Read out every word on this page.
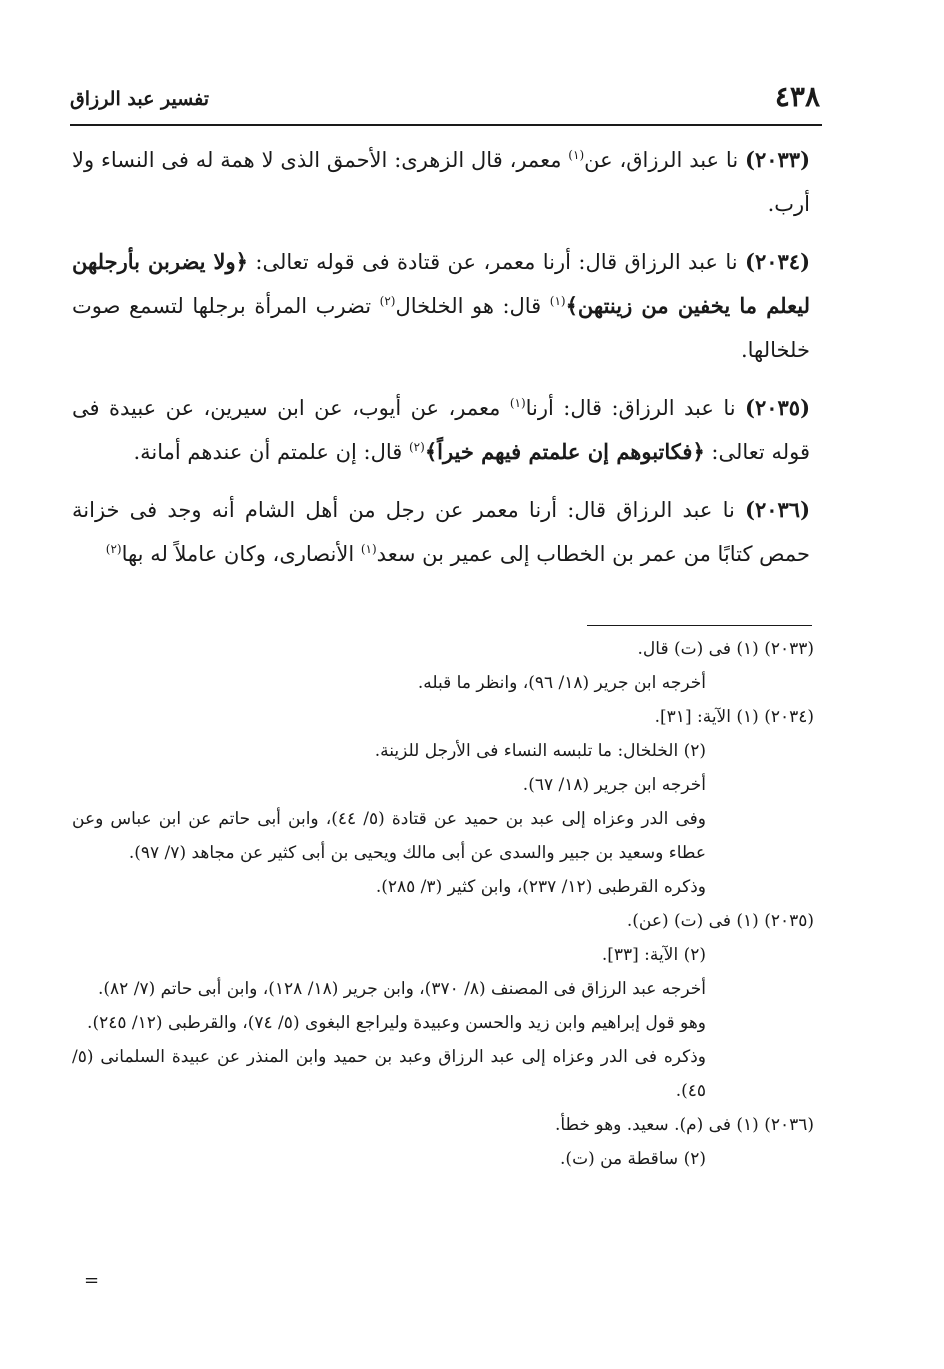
٤٣٨
تفسير عبد الرزاق

(٢٠٣٣) نا عبد الرزاق، عن$^{(١)}$ معمر، قال الزهرى: الأحمق الذى لا همة له فى النساء ولا أرب.

(٢٠٣٤) نا عبد الرزاق قال: أرنا معمر، عن قتادة فى قوله تعالى: ﴿ولا يضربن بأرجلهن ليعلم ما يخفين من زينتهن﴾$^{(١)}$ قال: هو الخلخال$^{(٢)}$ تضرب المرأة برجلها لتسمع صوت خلخالها.

(٢٠٣٥) نا عبد الرزاق: قال: أرنا$^{(١)}$ معمر، عن أيوب، عن ابن سيرين، عن عبيدة فى قوله تعالى: ﴿فكاتبوهم إن علمتم فيهم خيراً﴾$^{(٢)}$ قال: إن علمتم أن عندهم أمانة.

(٢٠٣٦) نا عبد الرزاق قال: أرنا معمر عن رجل من أهل الشام أنه وجد فى خزانة حمص كتابًا من عمر بن الخطاب إلى عمير بن سعد$^{(١)}$ الأنصارى، وكان عاملاً له بها$^{(٢)}$

(٢٠٣٣) (١) فى (ت) قال.

أخرجه ابن جرير (١٨/ ٩٦)، وانظر ما قبله.

(٢٠٣٤) (١) الآية: [٣١].

(٢) الخلخال: ما تلبسه النساء فى الأرجل للزينة.

أخرجه ابن جرير (١٨/ ٦٧).

وفى الدر وعزاه إلى عبد بن حميد عن قتادة (٥/ ٤٤)، وابن أبى حاتم عن ابن عباس وعن عطاء وسعيد بن جبير والسدى عن أبى مالك ويحيى بن أبى كثير عن مجاهد (٧/ ٩٧).

وذكره القرطبى (١٢/ ٢٣٧)، وابن كثير (٣/ ٢٨٥).

(٢٠٣٥) (١) فى (ت) (عن).

(٢) الآية: [٣٣].

أخرجه عبد الرزاق فى المصنف (٨/ ٣٧٠)، وابن جرير (١٨/ ١٢٨)، وابن أبى حاتم (٧/ ٨٢).

وهو قول إبراهيم وابن زيد والحسن وعبيدة وليراجع البغوى (٥/ ٧٤)، والقرطبى (١٢/ ٢٤٥).

وذكره فى الدر وعزاه إلى عبد الرزاق وعبد بن حميد وابن المنذر عن عبيدة السلمانى (٥/ ٤٥).

(٢٠٣٦) (١) فى (م). سعيد. وهو خطأ.

(٢) ساقطة من (ت).

=
